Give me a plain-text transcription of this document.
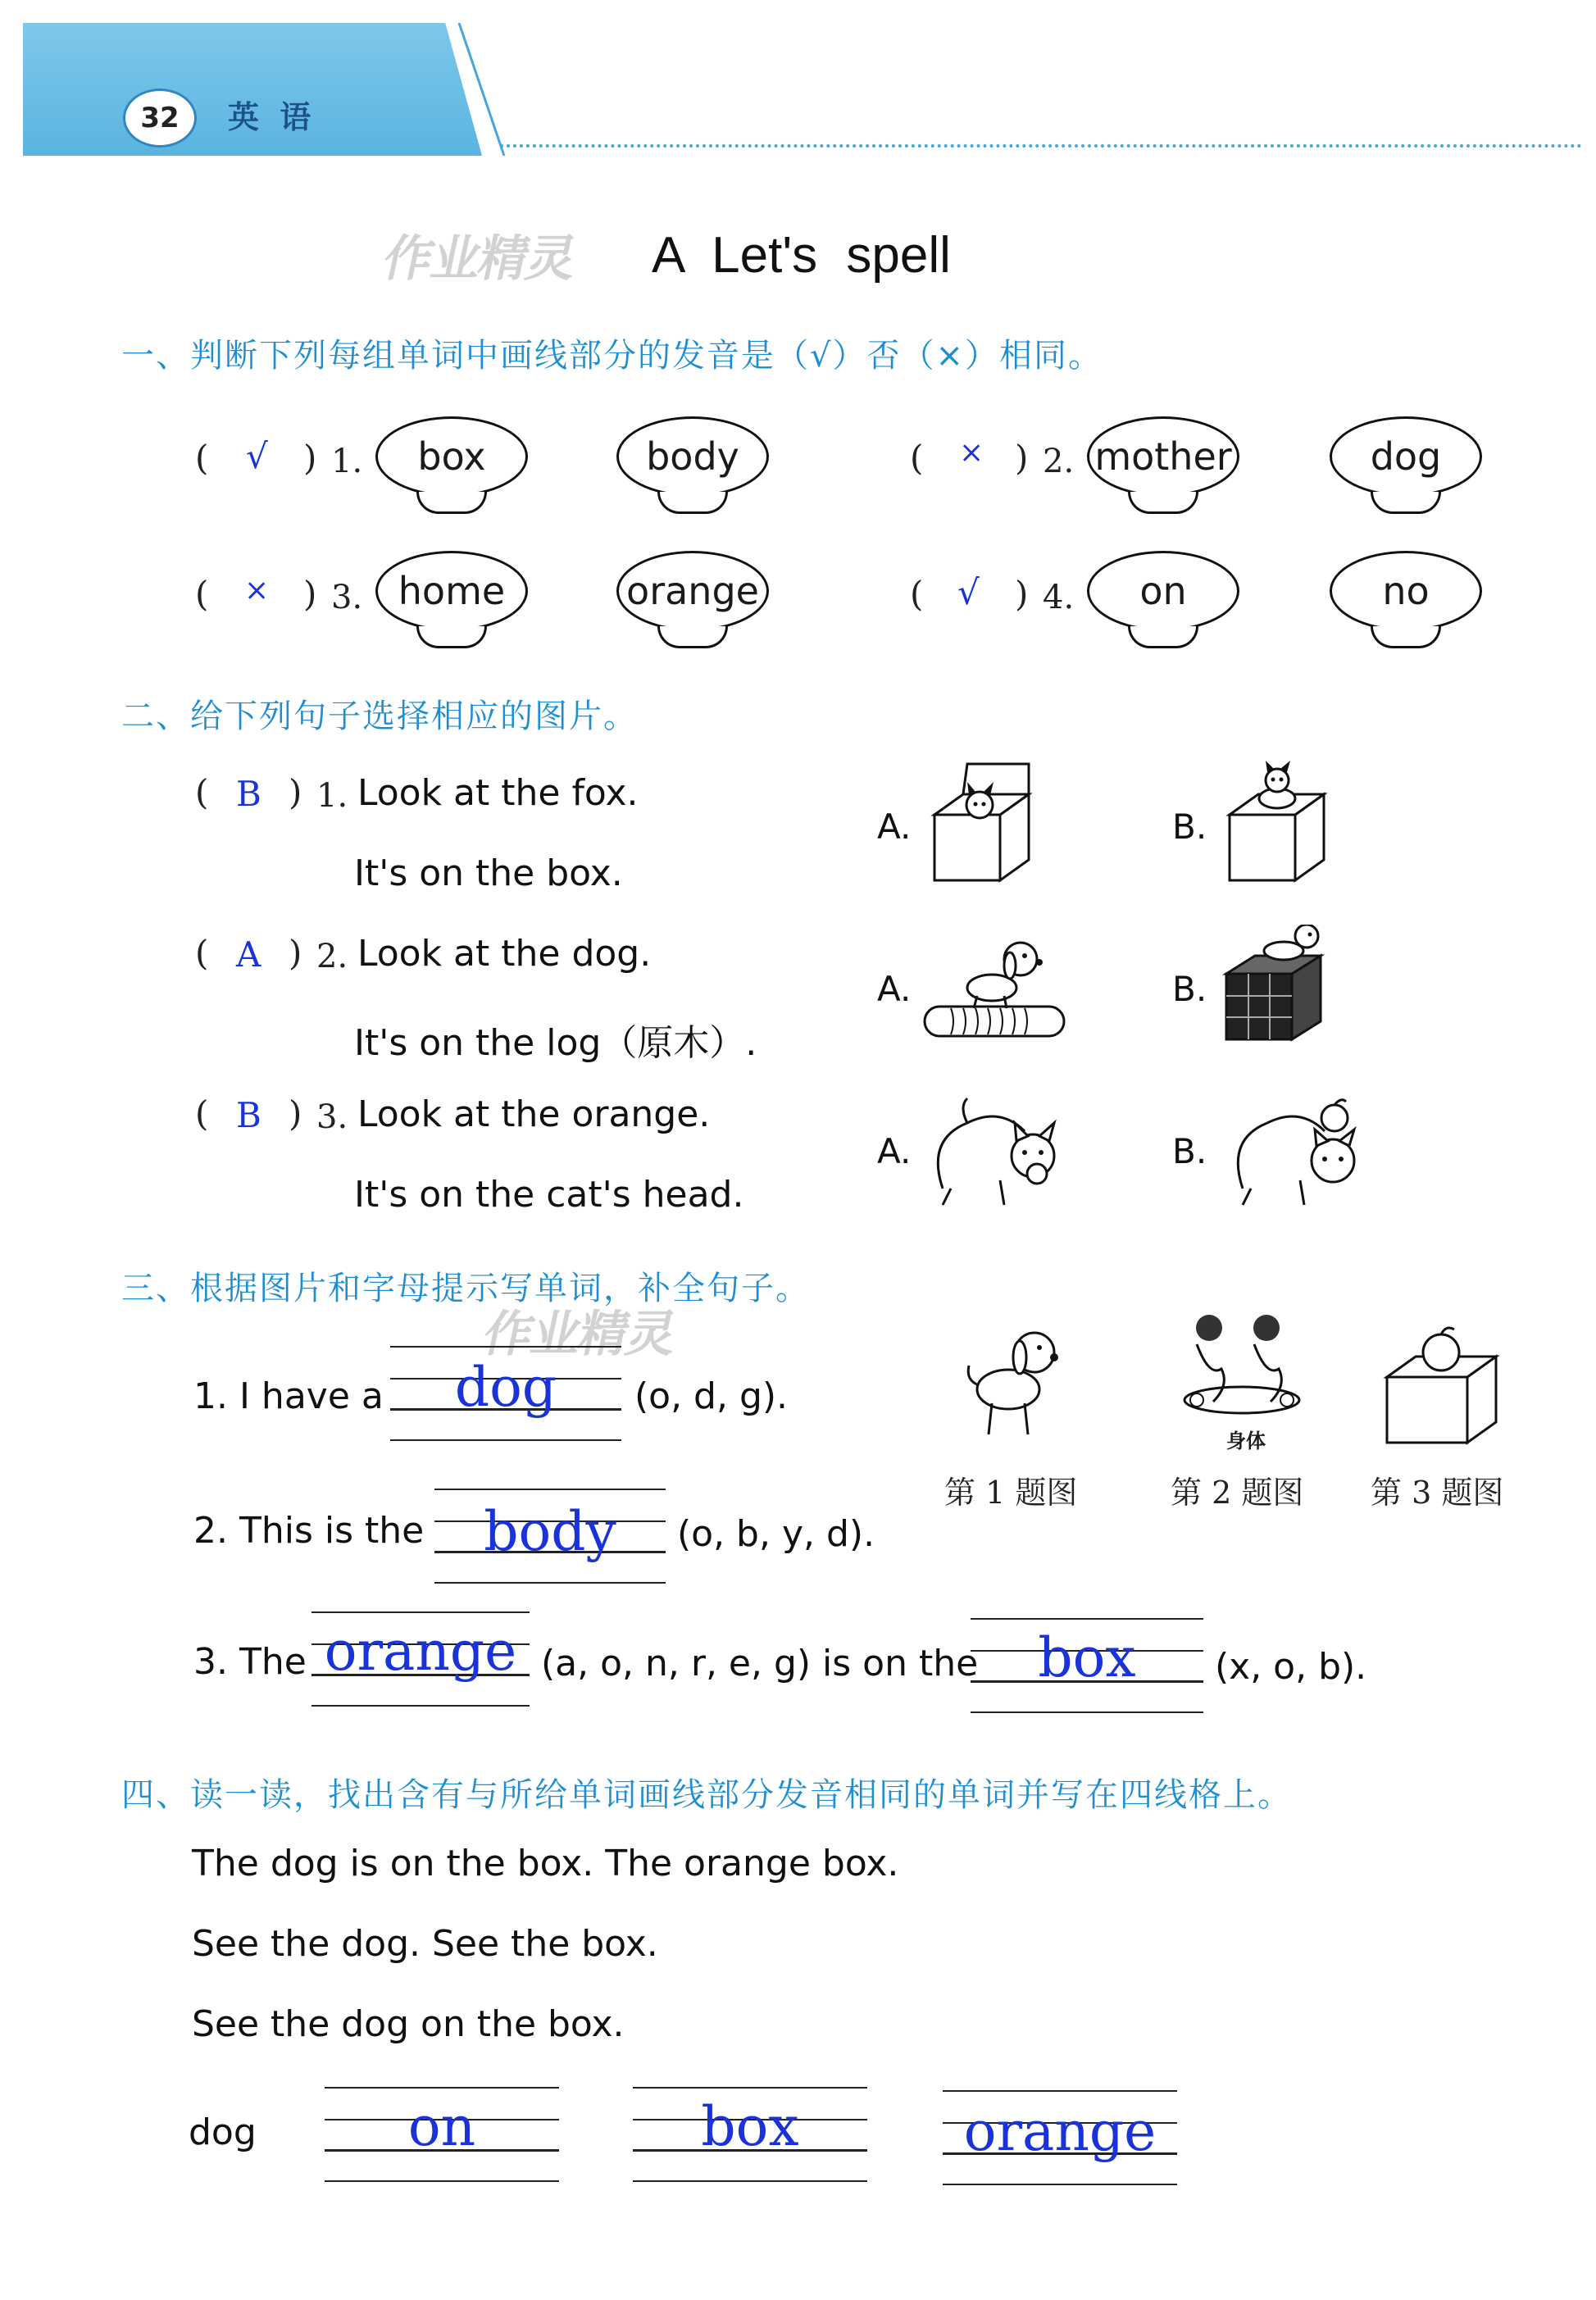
32	英 语
作业精灵
作业精灵
A Let's spell
一、判断下列每组单词中画线部分的发音是（√）否（×）相同。
( √ ) 1. box	body	( × ) 2. mother	dog
( × ) 3. home	orange	( √ ) 4. on	no
二、给下列句子选择相应的图片。
( B ) 1. Look at the fox.
It's on the box.
( A ) 2. Look at the dog.
It's on the log（原木）.
( B ) 3. Look at the orange.
It's on the cat's head.
A.	B.
A.	B.
A.	B.
三、根据图片和字母提示写单词，补全句子。
1. I have a	dog	(o, d, g).
2. This is the	body	(o, b, y, d).
3. The orange (a, o, n, r, e, g) is on the	box	(x, o, b).
身体
第 1 题图	第 2 题图 第 3 题图
四、读一读，找出含有与所给单词画线部分发音相同的单词并写在四线格上。
The dog is on the box. The orange box.
See the dog. See the box.
See the dog on the box.
dog	on	box	orange
